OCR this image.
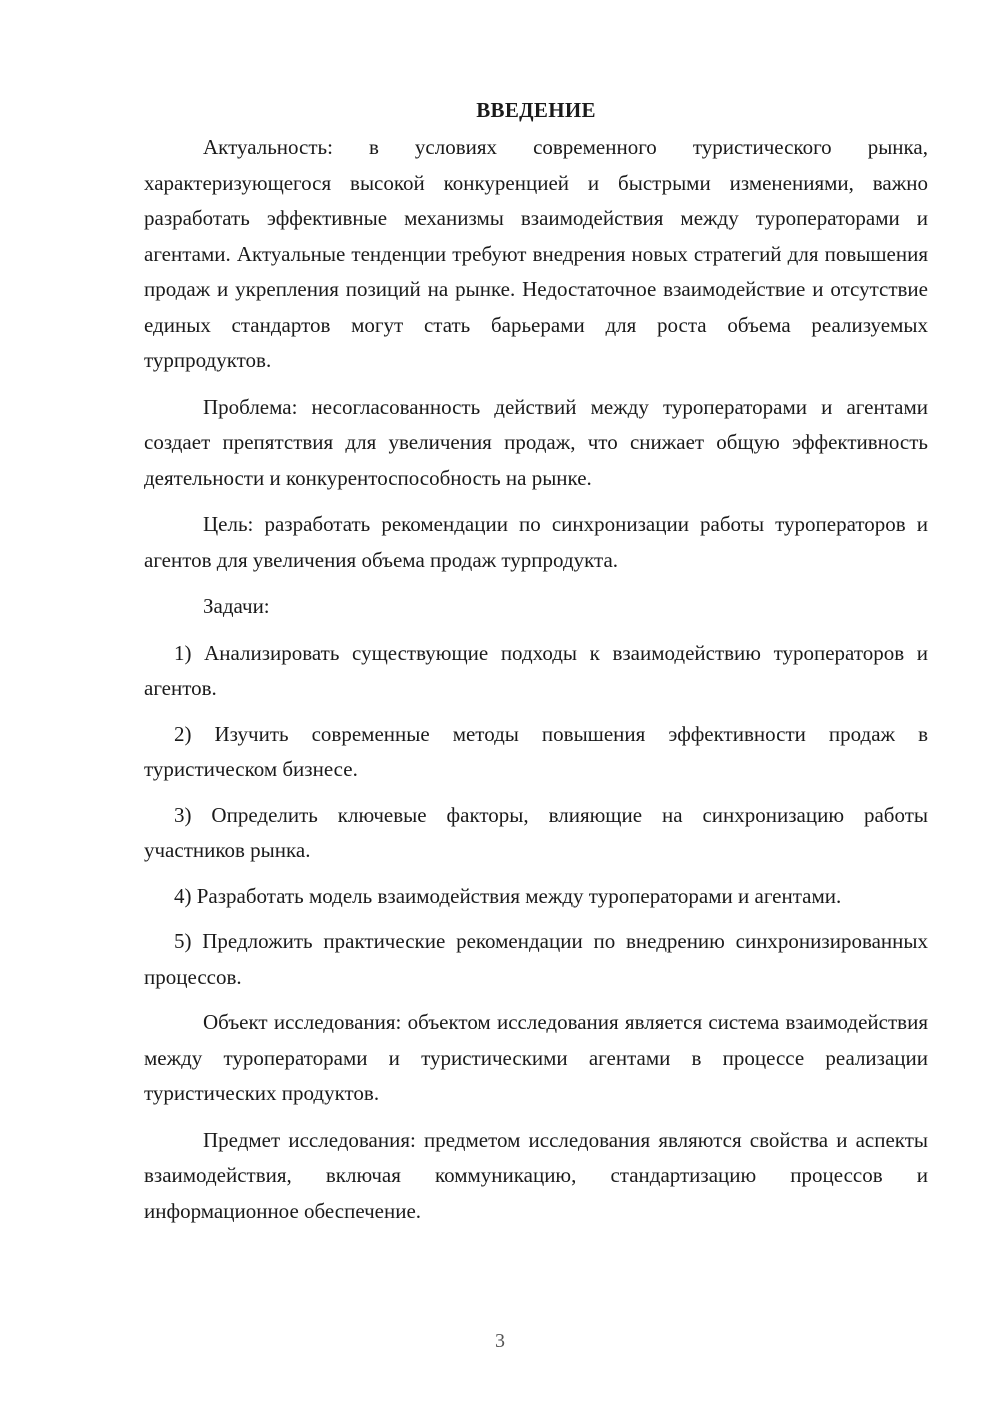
ВВЕДЕНИЕ

Актуальность: в условиях современного туристического рынка, характеризующегося высокой конкуренцией и быстрыми изменениями, важно разработать эффективные механизмы взаимодействия между туроператорами и агентами. Актуальные тенденции требуют внедрения новых стратегий для повышения продаж и укрепления позиций на рынке. Недостаточное взаимодействие и отсутствие единых стандартов могут стать барьерами для роста объема реализуемых турпродуктов.

Проблема: несогласованность действий между туроператорами и агентами создает препятствия для увеличения продаж, что снижает общую эффективность деятельности и конкурентоспособность на рынке.

Цель: разработать рекомендации по синхронизации работы туроператоров и агентов для увеличения объема продаж турпродукта.

Задачи:

1) Анализировать существующие подходы к взаимодействию туроператоров и агентов.

2) Изучить современные методы повышения эффективности продаж в туристическом бизнесе.

3) Определить ключевые факторы, влияющие на синхронизацию работы участников рынка.

4) Разработать модель взаимодействия между туроператорами и агентами.

5) Предложить практические рекомендации по внедрению синхронизированных процессов.

Объект исследования: объектом исследования является система взаимодействия между туроператорами и туристическими агентами в процессе реализации туристических продуктов.

Предмет исследования: предметом исследования являются свойства и аспекты взаимодействия, включая коммуникацию, стандартизацию процессов и информационное обеспечение.

3
